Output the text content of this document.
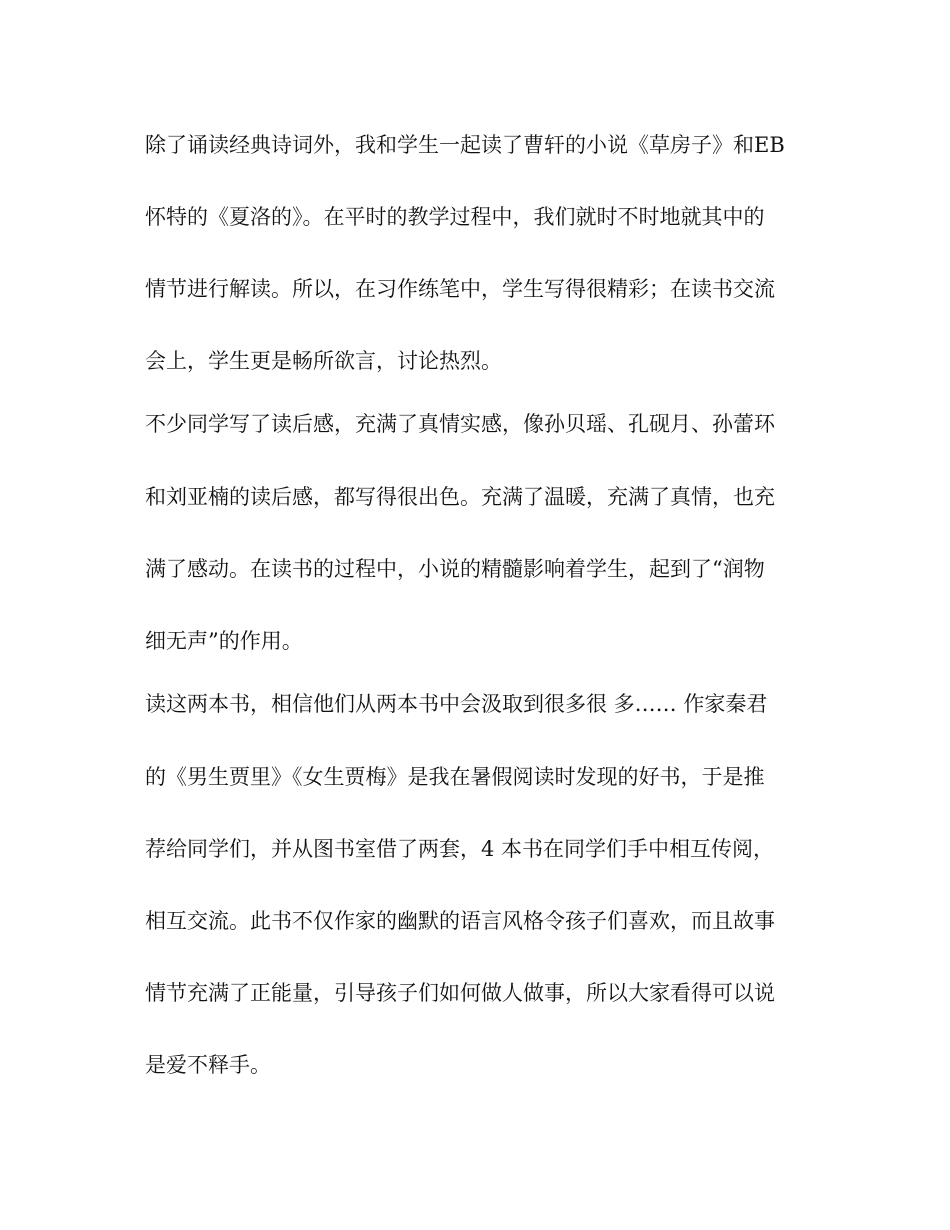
除了诵读经典诗词外，我和学生一起读了曹轩的小说《草房子》和EB
怀特的《夏洛的》。在平时的教学过程中，我们就时不时地就其中的
情节进行解读。所以，在习作练笔中，学生写得很精彩；在读书交流
会上，学生更是畅所欲言，讨论热烈。
不少同学写了读后感，充满了真情实感，像孙贝瑶、孔砚月、孙蕾环
和刘亚楠的读后感，都写得很出色。充满了温暖，充满了真情，也充
满了感动。在读书的过程中，小说的精髓影响着学生，起到了“润物
细无声”的作用。
读这两本书，相信他们从两本书中会汲取到很多很 多…… 作家秦君
的《男生贾里》《女生贾梅》是我在暑假阅读时发现的好书，于是推
荐给同学们，并从图书室借了两套，4 本书在同学们手中相互传阅，
相互交流。此书不仅作家的幽默的语言风格令孩子们喜欢，而且故事
情节充满了正能量，引导孩子们如何做人做事，所以大家看得可以说
是爱不释手。
